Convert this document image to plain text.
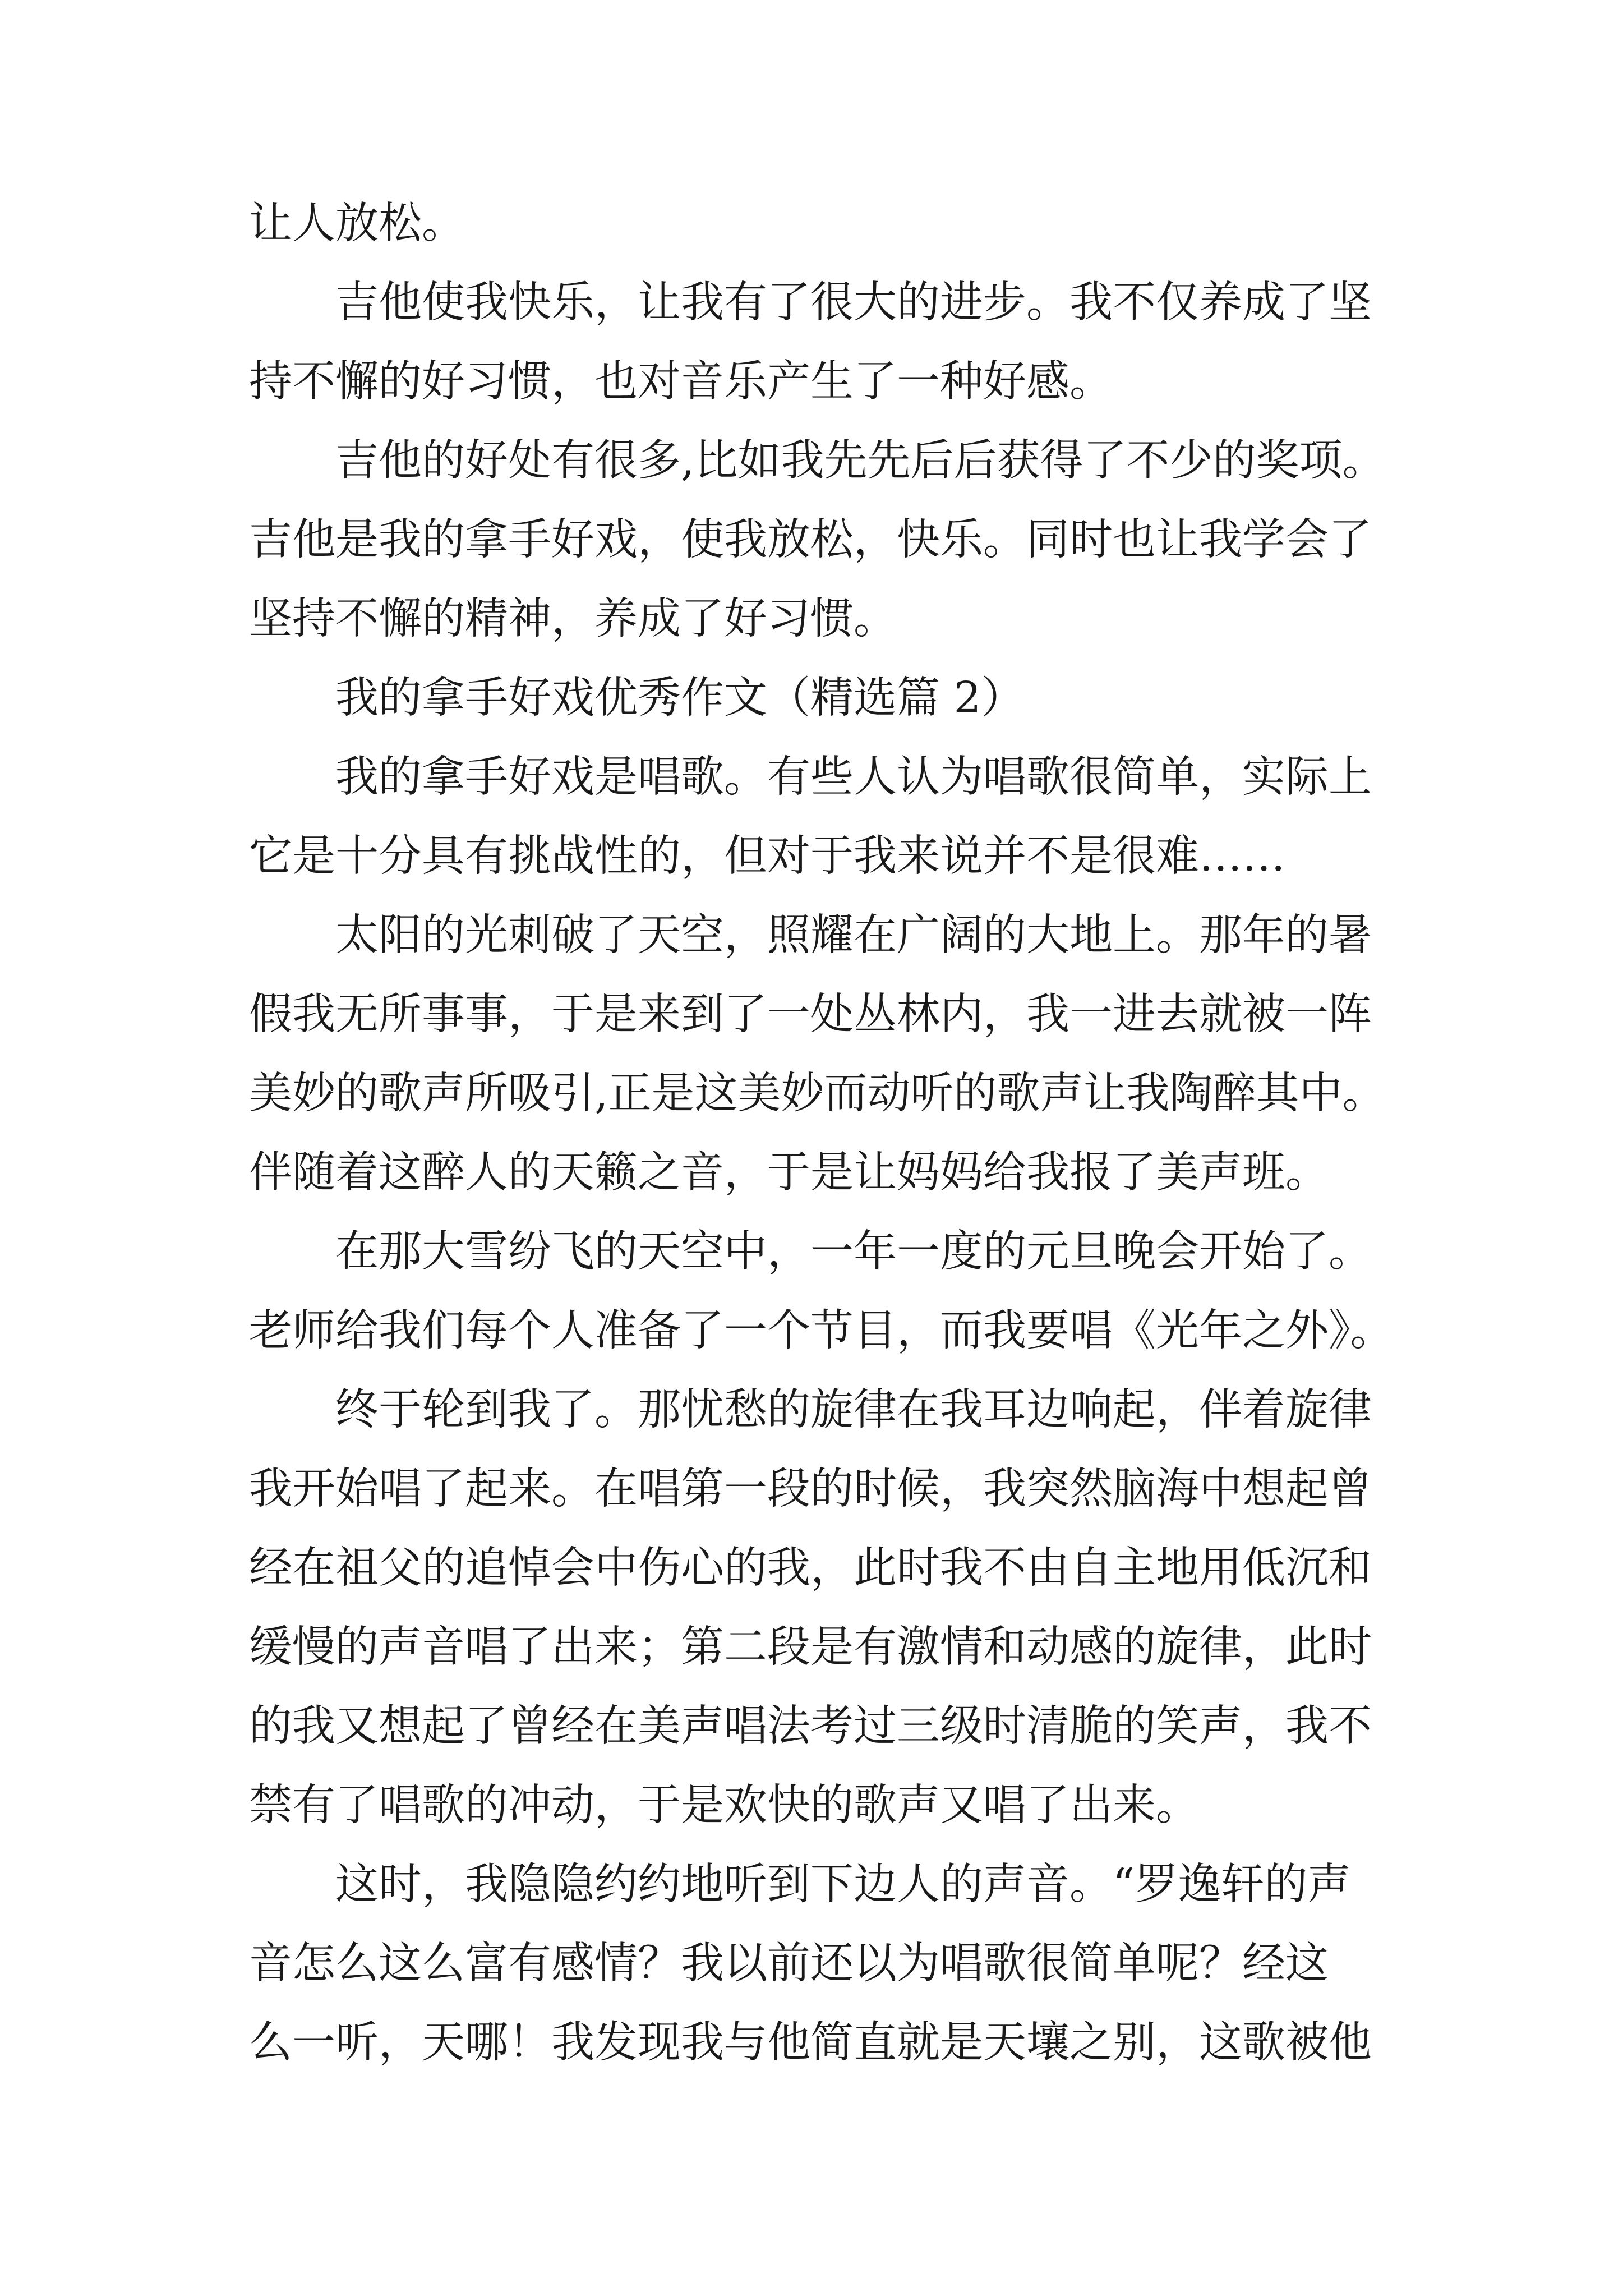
让人放松。
吉他使我快乐，让我有了很大的进步。我不仅养成了坚
持不懈的好习惯，也对音乐产生了一种好感。
吉他的好处有很多,比如我先先后后获得了不少的奖项。
吉他是我的拿手好戏，使我放松，快乐。同时也让我学会了
坚持不懈的精神，养成了好习惯。
我的拿手好戏优秀作文（精选篇 2）
我的拿手好戏是唱歌。有些人认为唱歌很简单，实际上
它是十分具有挑战性的，但对于我来说并不是很难……
太阳的光刺破了天空，照耀在广阔的大地上。那年的暑
假我无所事事，于是来到了一处丛林内，我一进去就被一阵
美妙的歌声所吸引,正是这美妙而动听的歌声让我陶醉其中。
伴随着这醉人的天籁之音，于是让妈妈给我报了美声班。
在那大雪纷飞的天空中，一年一度的元旦晚会开始了。
老师给我们每个人准备了一个节目，而我要唱《光年之外》。
终于轮到我了。那忧愁的旋律在我耳边响起，伴着旋律
我开始唱了起来。在唱第一段的时候，我突然脑海中想起曾
经在祖父的追悼会中伤心的我，此时我不由自主地用低沉和
缓慢的声音唱了出来；第二段是有激情和动感的旋律，此时
的我又想起了曾经在美声唱法考过三级时清脆的笑声，我不
禁有了唱歌的冲动，于是欢快的歌声又唱了出来。
这时，我隐隐约约地听到下边人的声音。“罗逸轩的声
音怎么这么富有感情？我以前还以为唱歌很简单呢？经这
么一听，天哪！我发现我与他简直就是天壤之别，这歌被他
